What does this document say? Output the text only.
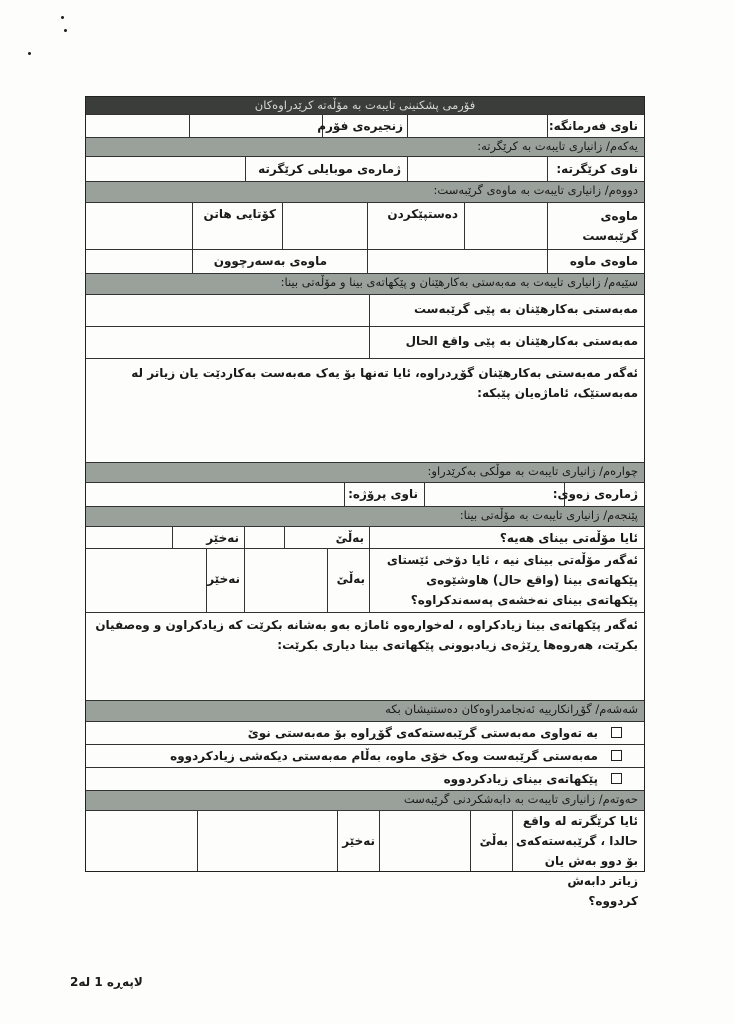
فۆرمی پشکنینی تایبەت بە مۆڵەتە کرێدراوەکان
ناوی فەرمانگە:
زنجیرەی فۆرم
یەکەم/ زانیاری تایبەت بە کرێگرتە:
ناوی کرێگرتە:
ژمارەی موبایلی کرێگرتە
دووەم/ زانیاری تایبەت بە ماوەی گرێبەست:
ماوەی گرێبەست
دەستپێکردن
کۆتایی هاتن
ماوەی ماوە
ماوەی بەسەرچوون
سێیەم/ زانیاری تایبەت بە مەبەستی بەکارهێنان و پێکهاتەی بینا و مۆڵەتی بینا:
مەبەستی بەکارهێنان بە پێی گرێبەست
مەبەستی بەکارهێنان بە پێی واقع الحال
ئەگەر مەبەستی بەکارهێنان گۆڕدراوە، ئایا تەنها بۆ یەک مەبەست بەکاردێت یان زیاتر لە مەبەستێک، ئاماژەیان پێبکە:
چوارەم/ زانیاری تایبەت بە موڵکی بەکرێدراو:
ژمارەی زەوی:
ناوی پرۆژە:
پێنجەم/ زانیاری تایبەت بە مۆڵەتی بینا:
ئایا مۆڵەتی بینای هەیە؟
بەڵێ
نەخێر
ئەگەر مۆڵەتی بینای نیە ، ئایا دۆخی ئێستای پێکهاتەی بینا (واقع حال) هاوشێوەی پێکهاتەی بینای نەخشەی پەسەندکراوە؟
بەڵێ
نەخێر
ئەگەر پێکهاتەی بینا زیادکراوە ، لەخوارەوە ئاماژە بەو بەشانە بکرێت کە زیادکراون و وەصفیان بکرێت، هەروەها ڕێژەی زیادبوونی پێکهاتەی بینا دیاری بکرێت:
شەشەم/ گۆڕانکارییە ئەنجامدراوەکان دەستنیشان بکە
بە تەواوی مەبەستی گرێبەستەکەی گۆڕاوە بۆ مەبەستی نوێ
مەبەستی گرێبەست وەک خۆی ماوە، بەڵام مەبەستی دیکەشی زیادکردووە
پێکهاتەی بینای زیادکردووە
حەوتەم/ زانیاری تایبەت بە دابەشکردنی گرێبەست
ئایا کرێگرتە لە واقع حالدا ، گرێبەستەکەی بۆ دوو بەش یان زیاتر دابەش کردووە؟
بەڵێ
نەخێر
لاپەڕە 1 لە2
